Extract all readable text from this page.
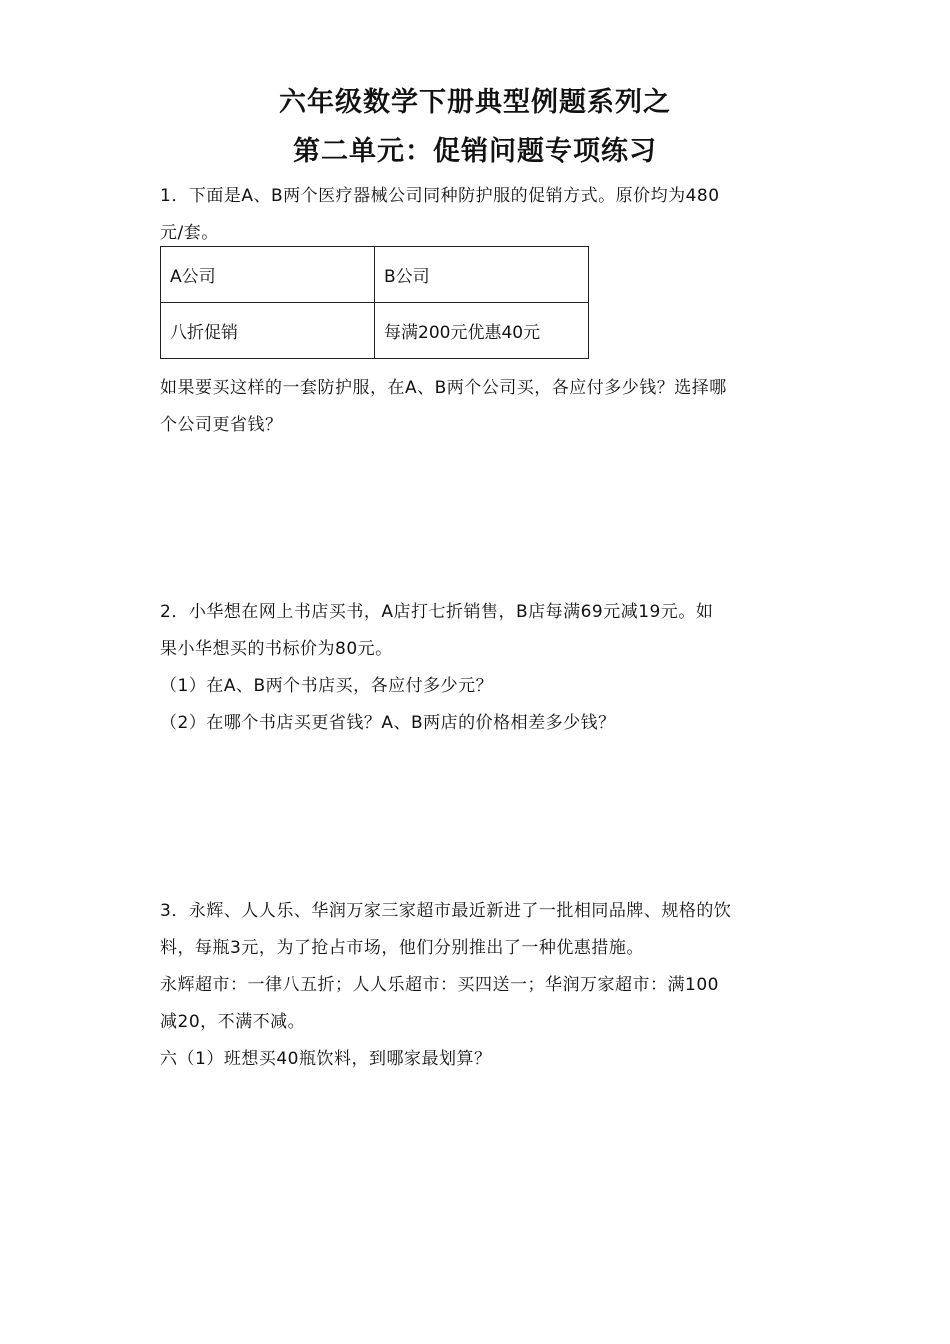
六年级数学下册典型例题系列之
第二单元：促销问题专项练习
1．下面是A、B两个医疗器械公司同种防护服的促销方式。原价均为480
元/套。
A公司	B公司
八折促销	每满200元优惠40元
如果要买这样的一套防护服，在A、B两个公司买，各应付多少钱？选择哪
个公司更省钱？
2．小华想在网上书店买书，A店打七折销售，B店每满69元减19元。如
果小华想买的书标价为80元。
（1）在A、B两个书店买，各应付多少元？
（2）在哪个书店买更省钱？A、B两店的价格相差多少钱？
3．永辉、人人乐、华润万家三家超市最近新进了一批相同品牌、规格的饮
料，每瓶3元，为了抢占市场，他们分别推出了一种优惠措施。
永辉超市：一律八五折；人人乐超市：买四送一；华润万家超市：满100
减20，不满不减。
六（1）班想买40瓶饮料，到哪家最划算？
